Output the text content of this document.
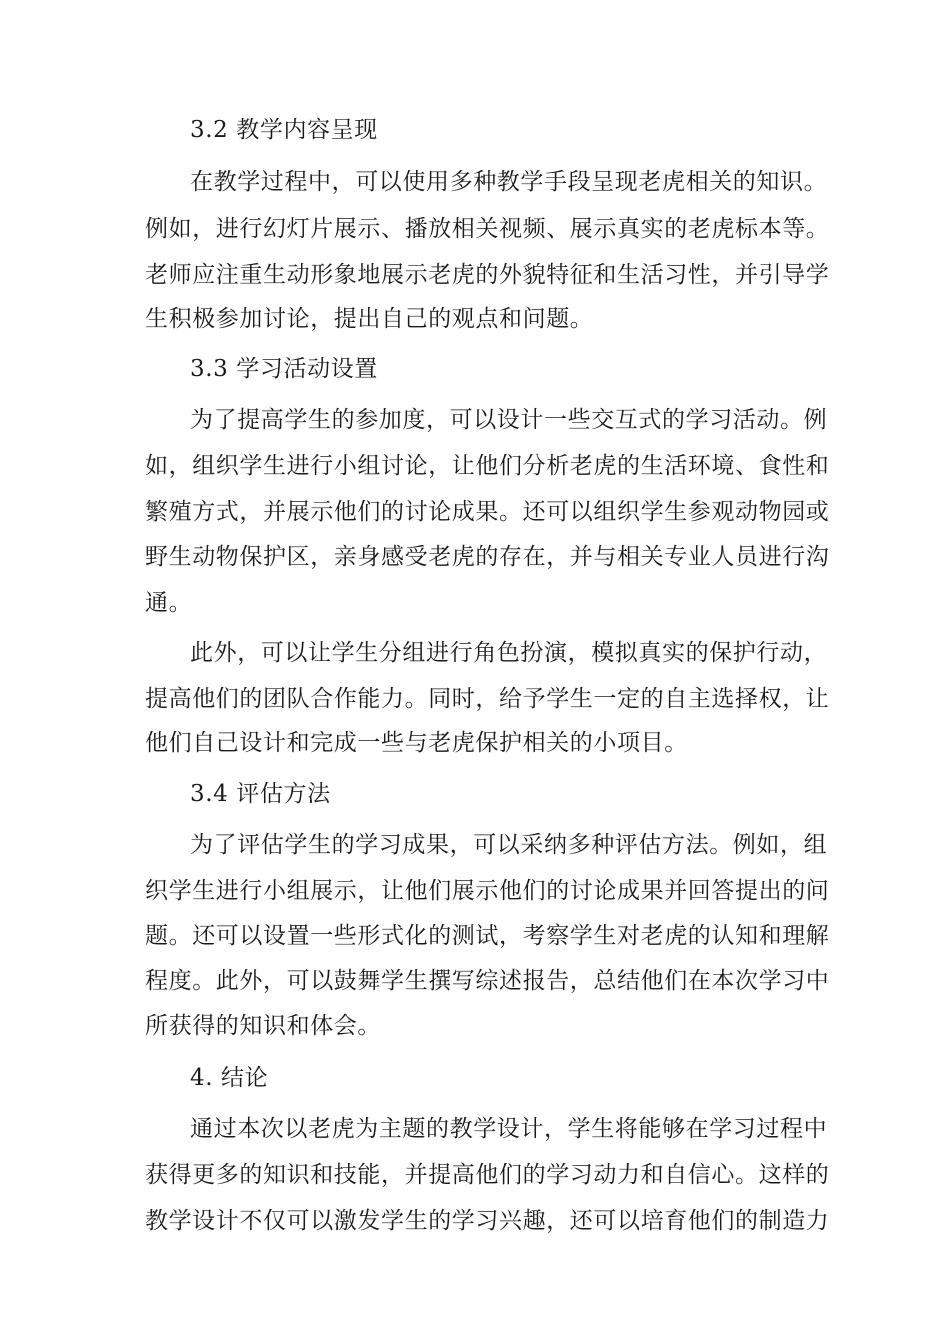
3.2 教学内容呈现
在教学过程中，可以使用多种教学手段呈现老虎相关的知识。
例如，进行幻灯片展示、播放相关视频、展示真实的老虎标本等。
老师应注重生动形象地展示老虎的外貌特征和生活习性，并引导学
生积极参加讨论，提出自己的观点和问题。
3.3 学习活动设置
为了提高学生的参加度，可以设计一些交互式的学习活动。例
如，组织学生进行小组讨论，让他们分析老虎的生活环境、食性和
繁殖方式，并展示他们的讨论成果。还可以组织学生参观动物园或
野生动物保护区，亲身感受老虎的存在，并与相关专业人员进行沟
通。
此外，可以让学生分组进行角色扮演，模拟真实的保护行动，
提高他们的团队合作能力。同时，给予学生一定的自主选择权，让
他们自己设计和完成一些与老虎保护相关的小项目。
3.4 评估方法
为了评估学生的学习成果，可以采纳多种评估方法。例如，组
织学生进行小组展示，让他们展示他们的讨论成果并回答提出的问
题。还可以设置一些形式化的测试，考察学生对老虎的认知和理解
程度。此外，可以鼓舞学生撰写综述报告，总结他们在本次学习中
所获得的知识和体会。
4. 结论
通过本次以老虎为主题的教学设计，学生将能够在学习过程中
获得更多的知识和技能，并提高他们的学习动力和自信心。这样的
教学设计不仅可以激发学生的学习兴趣，还可以培育他们的制造力
